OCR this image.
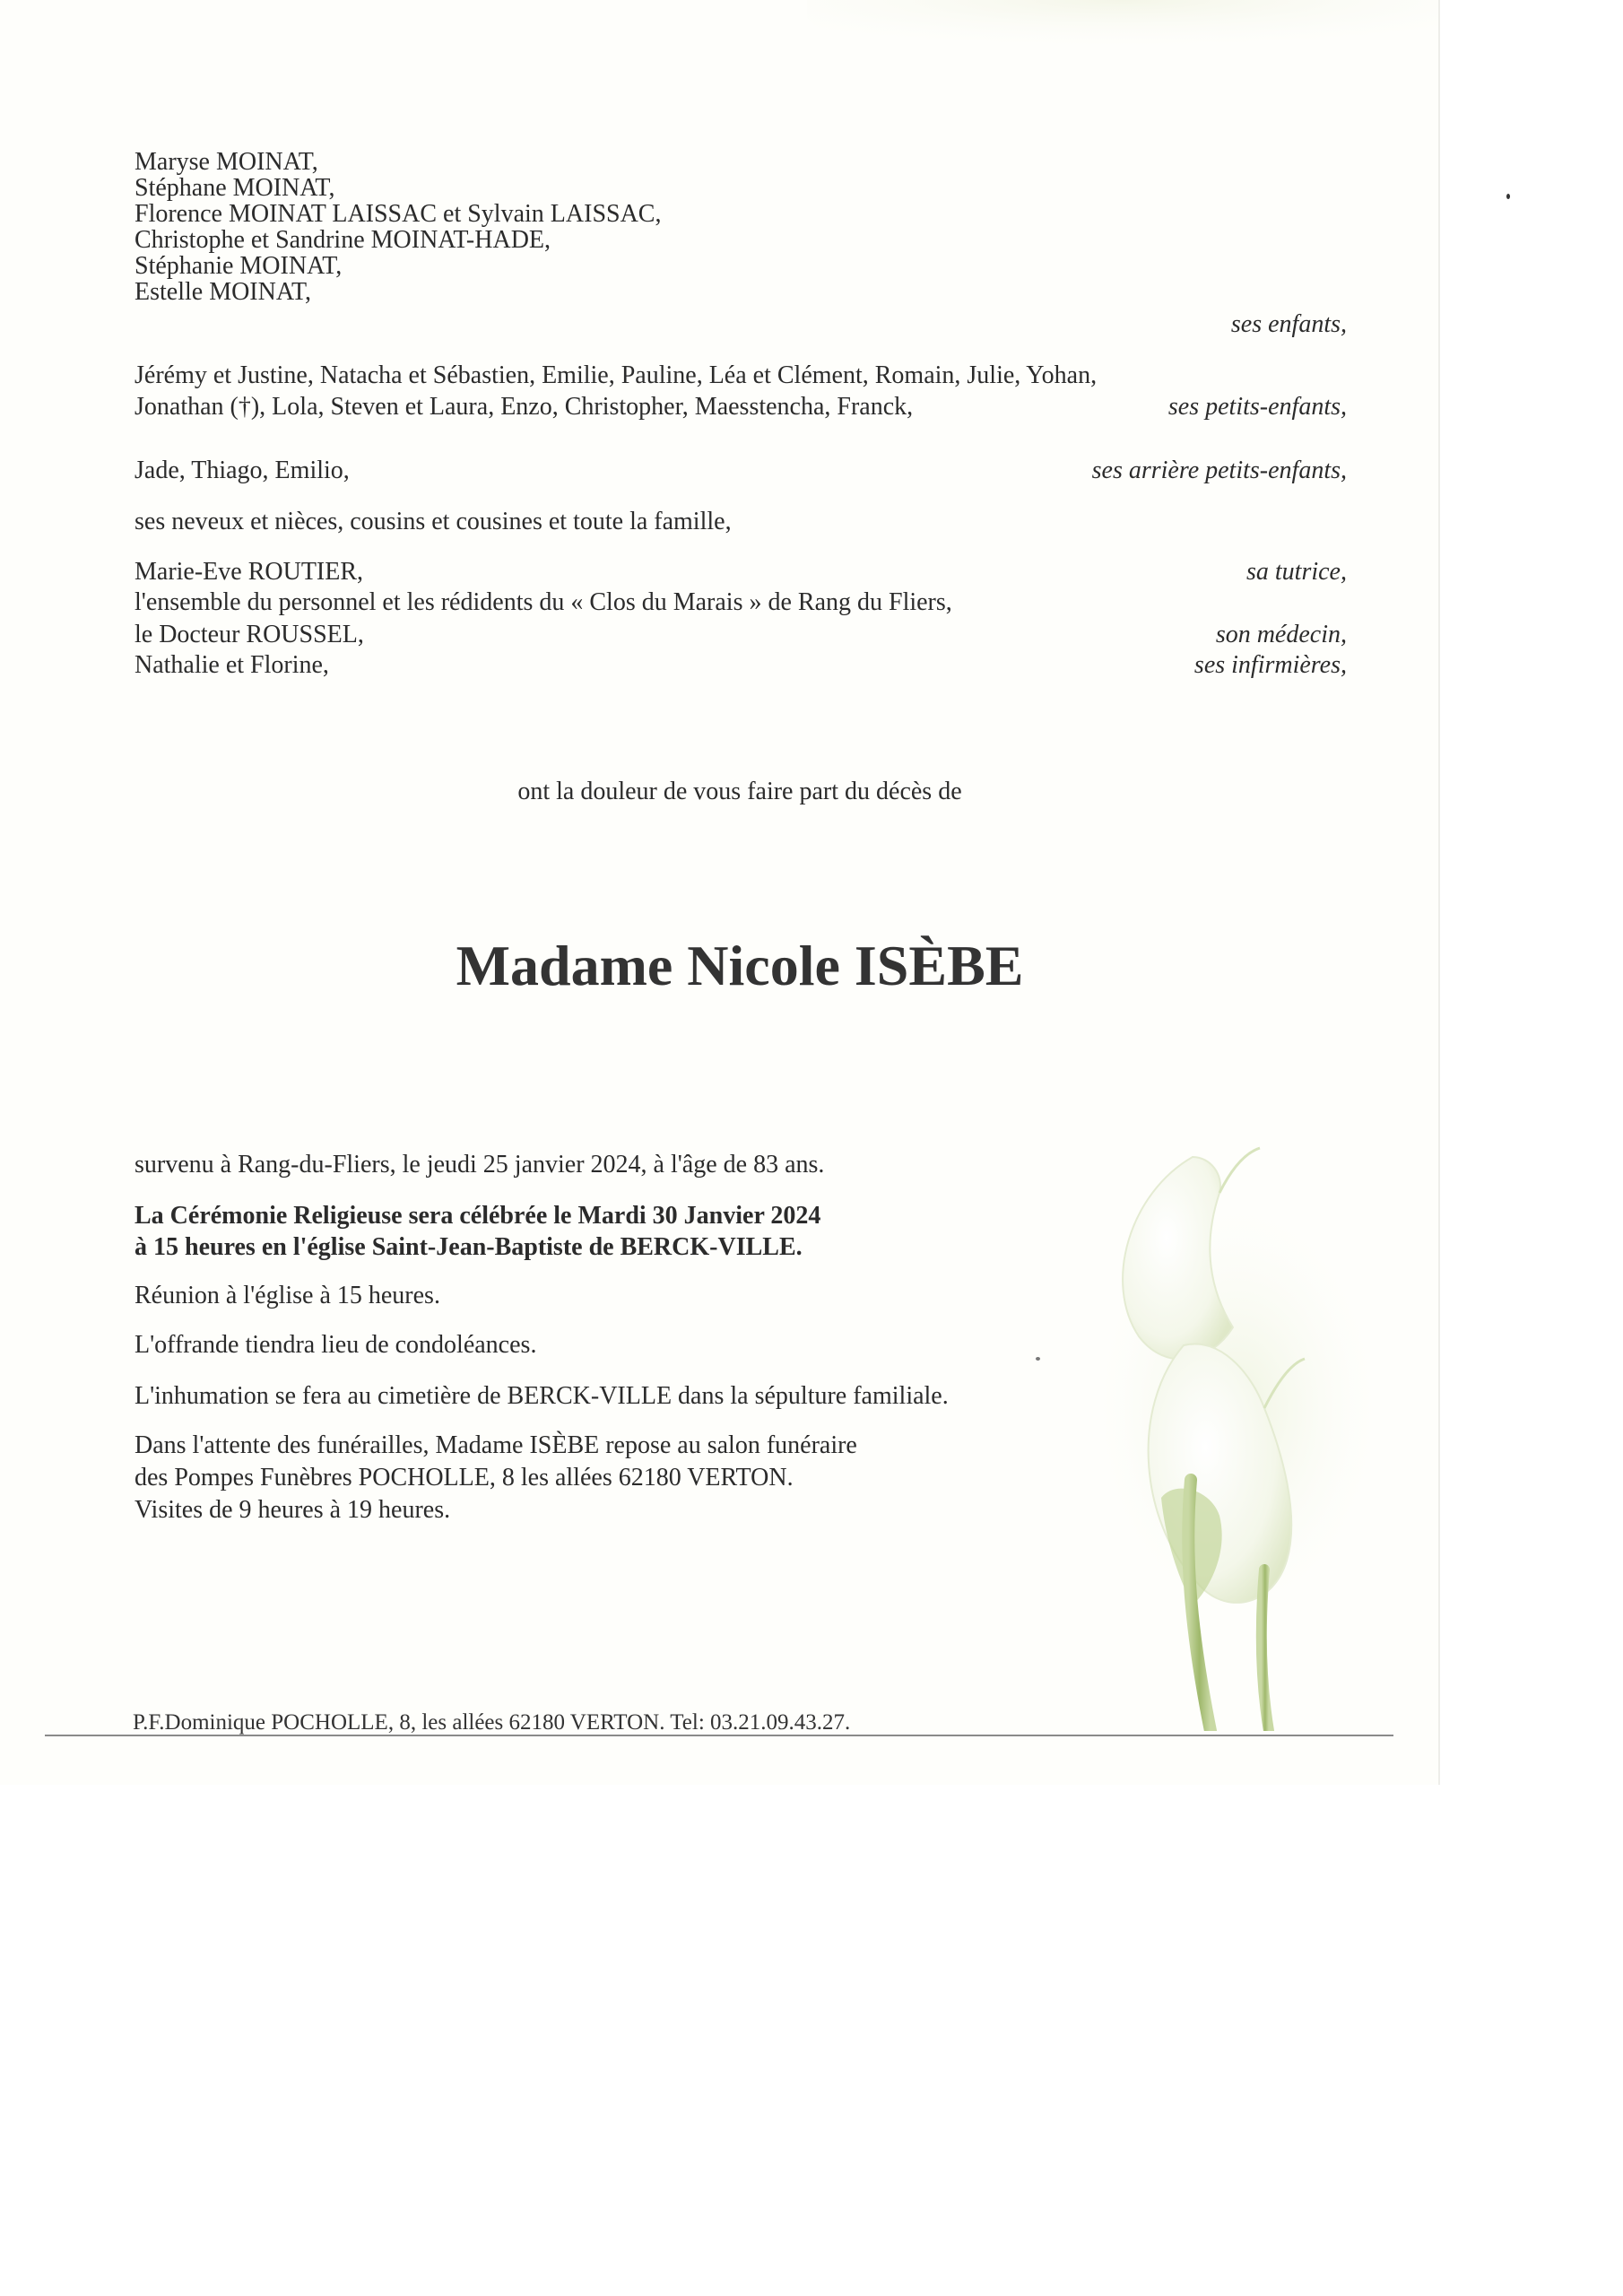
Maryse MOINAT,
Stéphane MOINAT,
Florence MOINAT LAISSAC et Sylvain LAISSAC,
Christophe et Sandrine MOINAT-HADE,
Stéphanie MOINAT,
Estelle MOINAT,
ses enfants,
Jérémy et Justine, Natacha et Sébastien, Emilie, Pauline, Léa et Clément, Romain, Julie, Yohan,
Jonathan (†), Lola, Steven et Laura, Enzo, Christopher, Maesstencha, Franck,	ses petits-enfants,
Jade, Thiago, Emilio,	ses arrière petits-enfants,
ses neveux et nièces, cousins et cousines et toute la famille,
Marie-Eve ROUTIER,	sa tutrice,
l'ensemble du personnel et les rédidents du « Clos du Marais » de Rang du Fliers,
le Docteur ROUSSEL,	son médecin,
Nathalie et Florine,	ses infirmières,
ont la douleur de vous faire part du décès de
Madame Nicole ISÈBE
survenu à Rang-du-Fliers, le jeudi 25 janvier 2024, à l'âge de 83 ans.
La Cérémonie Religieuse sera célébrée le Mardi 30 Janvier 2024
à 15 heures en l'église Saint-Jean-Baptiste de BERCK-VILLE.
Réunion à l'église à 15 heures.
L'offrande tiendra lieu de condoléances.
L'inhumation se fera au cimetière de BERCK-VILLE dans la sépulture familiale.
Dans l'attente des funérailles, Madame ISÈBE repose au salon funéraire
des Pompes Funèbres POCHOLLE, 8 les allées 62180 VERTON.
Visites de 9 heures à 19 heures.
P.F.Dominique POCHOLLE, 8, les allées 62180 VERTON. Tel: 03.21.09.43.27.
